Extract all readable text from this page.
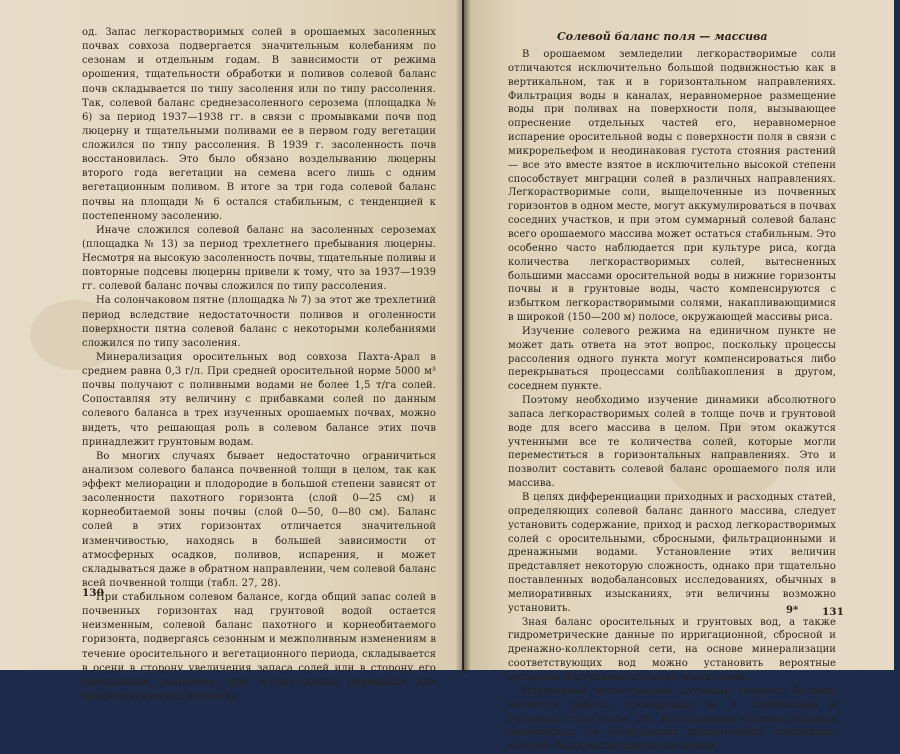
од. Запас легкорастворимых солей в орошаемых засоленных почвах совхоза подвергается значительным колебаниям по сезонам и отдельным годам. В зависимости от режима орошения, тщательности обработки и поливов солевой баланс почв складывается по типу засоления или по типу рассоления. Так, солевой баланс среднезасоленного серозема (площадка № 6) за период 1937—1938 гг. в связи с промывками почв под люцерну и тщательными поливами ее в первом году вегетации сложился по типу рассоления. В 1939 г. засоленность почв восстановилась. Это было обязано возделыванию люцерны второго года вегетации на семена всего лишь с одним вегетационным поливом. В итоге за три года солевой баланс почвы на площади № 6 остался стабильным, с тенденцией к постепенному засолению.

Иначе сложился солевой баланс на засоленных сероземах (площадка № 13) за период трехлетнего пребывания люцерны. Несмотря на высокую засоленность почвы, тщательные поливы и повторные подсевы люцерны привели к тому, что за 1937—1939 гг. солевой баланс почвы сложился по типу рассоления.

На солончаковом пятне (площадка № 7) за этот же трехлетний период вследствие недостаточности поливов и оголенности поверхности пятна солевой баланс с некоторыми колебаниями сложился по типу засоления.

Минерализация оросительных вод совхоза Пахта-Арал в среднем равна 0,3 г/л. При средней оросительной норме 5000 м³ почвы получают с поливными водами не более 1,5 т/га солей. Сопоставляя эту величину с прибавками солей по данным солевого баланса в трех изученных орошаемых почвах, можно видеть, что решающая роль в солевом балансе этих почв принадлежит грунтовым водам.

Во многих случаях бывает недостаточно ограничиться анализом солевого баланса почвенной толщи в целом, так как эффект мелиорации и плодородие в большой степени зависят от засоленности пахотного горизонта (слой 0—25 см) и корнеобитаемой зоны почвы (слой 0—50, 0—80 см). Баланс солей в этих горизонтах отличается значительной изменчивостью, находясь в большей зависимости от атмосферных осадков, поливов, испарения, и может складываться даже в обратном направлении, чем солевой баланс всей почвенной толщи (табл. 27, 28).

При стабильном солевом балансе, когда общий запас солей в почвенных горизонтах над грунтовой водой остается неизменным, солевой баланс пахотного и корнеобитаемого горизонта, подвергаясь сезонным и межполивным изменениям в течение оросительного и вегетационного периода, складывается в осени в сторону увеличения запаса солей или в сторону его уменьшения (например, при осенне-зимних промывках или профилактических поливах).

130
Солевой баланс поля — массива

В орошаемом земледелии легкорастворимые соли отличаются исключительно большой подвижностью как в вертикальном, так и в горизонтальном направлениях. Фильтрация воды в каналах, неравномерное размещение воды при поливах на поверхности поля, вызывающее опреснение отдельных частей его, неравномерное испарение оросительной воды с поверхности поля в связи с микрорельефом и неодинаковая густота стояния растений — все это вместе взятое в исключительно высокой степени способствует миграции солей в различных направлениях. Легкорастворимые соли, выщелоченные из почвенных горизонтов в одном месте, могут аккумулироваться в почвах соседних участков, и при этом суммарный солевой баланс всего орошаемого массива может остаться стабильным. Это особенно часто наблюдается при культуре риса, когда количества легкорастворимых солей, вытесненных большими массами оросительной воды в нижние горизонты почвы и в грунтовые воды, часто компенсируются с избытком легкорастворимыми солями, накапливающимися в широкой (150—200 м) полосе, окружающей массивы риса.

Изучение солевого режима на единичном пункте не может дать ответа на этот вопрос, поскольку процессы рассоления одного пункта могут компенсироваться либо перекрываться процессами солենакопления в другом, соседнем пункте.

Поэтому необходимо изучение динамики абсолютного запаса легкорастворимых солей в толще почв и грунтовой воде для всего массива в целом. При этом окажутся учтенными все те количества солей, которые могли переместиться в горизонтальных направлениях. Это и позволит составить солевой баланс орошаемого поля или массива.

В целях дифференциации приходных и расходных статей, определяющих солевой баланс данного массива, следует установить содержание, приход и расход легкорастворимых солей с оросительными, сбросными, фильтрационными и дренажными водами. Установление этих величин представляет некоторую сложность, однако при тщательно поставленных водобалансовых исследованиях, обычных в мелиоративных изысканиях, эти величины возможно установить.

Зная баланс оросительных и грунтовых вод, а также гидрометрические данные по ирригационной, сбросной и дренажно-коллекторной сети, на основе минерализации соответствующих вод можно установить вероятные величины поступающих и выносимых солей.

Интересной иллюстрацией изучения солевого баланса являются работы, проведенные А. З. Зайчиковым в Голодной степи (табл. 20). Исследование солевого баланса проводилось на специальных динамических площадках, которые были расположены на почвах,

9* 131
